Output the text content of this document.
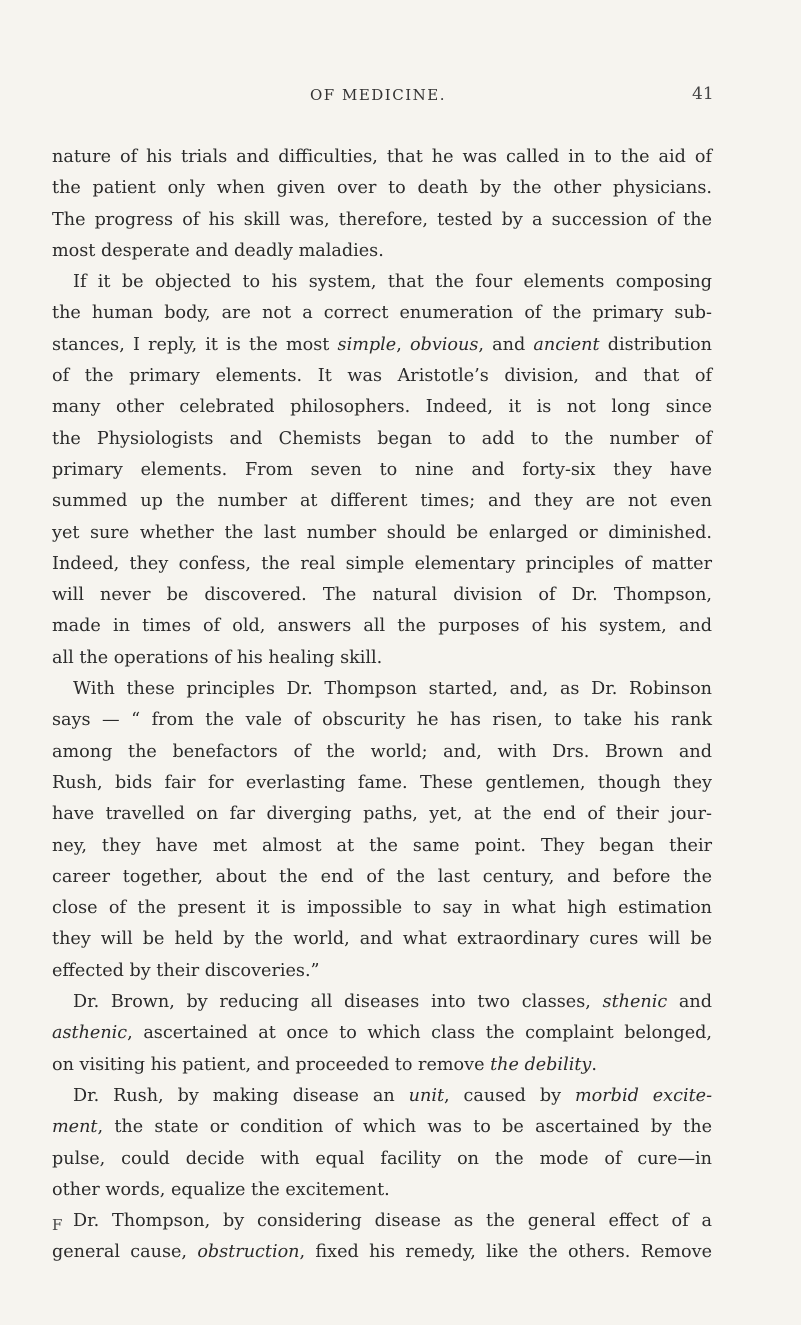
OF MEDICINE.	41
nature of his trials and difficulties, that he was called in to the aid of
the patient only when given over to death by the other physicians.
The progress of his skill was, therefore, tested by a succession of the
most desperate and deadly maladies.
If it be objected to his system, that the four elements composing
the human body, are not a correct enumeration of the primary sub-
stances, I reply, it is the most simple, obvious, and ancient distribution
of the primary elements. It was Aristotle’s division, and that of
many other celebrated philosophers. Indeed, it is not long since
the Physiologists and Chemists began to add to the number of
primary elements. From seven to nine and forty-six they have
summed up the number at different times; and they are not even
yet sure whether the last number should be enlarged or diminished.
Indeed, they confess, the real simple elementary principles of matter
will never be discovered. The natural division of Dr. Thompson,
made in times of old, answers all the purposes of his system, and
all the operations of his healing skill.
With these principles Dr. Thompson started, and, as Dr. Robinson
says — “ from the vale of obscurity he has risen, to take his rank
among the benefactors of the world; and, with Drs. Brown and
Rush, bids fair for everlasting fame. These gentlemen, though they
have travelled on far diverging paths, yet, at the end of their jour-
ney, they have met almost at the same point. They began their
career together, about the end of the last century, and before the
close of the present it is impossible to say in what high estimation
they will be held by the world, and what extraordinary cures will be
effected by their discoveries.”
Dr. Brown, by reducing all diseases into two classes, sthenic and
asthenic, ascertained at once to which class the complaint belonged,
on visiting his patient, and proceeded to remove the debility.
Dr. Rush, by making disease an unit, caused by morbid excite-
ment, the state or condition of which was to be ascertained by the
pulse, could decide with equal facility on the mode of cure—in
other words, equalize the excitement.
Dr. Thompson, by considering disease as the general effect of a
general cause, obstruction, fixed his remedy, like the others. Remove
F
